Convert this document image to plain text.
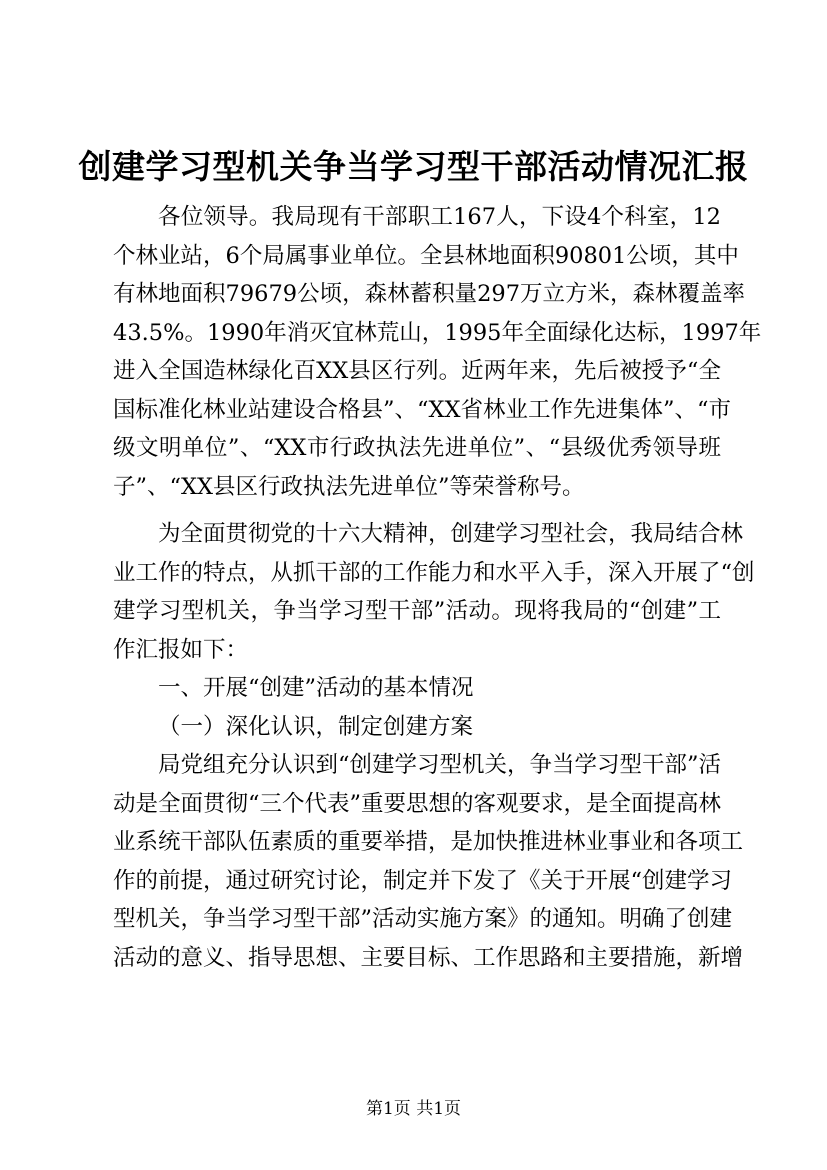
创建学习型机关争当学习型干部活动情况汇报
各位领导。我局现有干部职工167人，下设4个科室，12
个林业站，6个局属事业单位。全县林地面积90801公顷，其中
有林地面积79679公顷，森林蓄积量297万立方米，森林覆盖率
43.5%。1990年消灭宜林荒山，1995年全面绿化达标，1997年
进入全国造林绿化百XX县区行列。近两年来，先后被授予“全
国标准化林业站建设合格县”、“XX省林业工作先进集体”、“市
级文明单位”、“XX市行政执法先进单位”、“县级优秀领导班
子”、“XX县区行政执法先进单位”等荣誉称号。
为全面贯彻党的十六大精神，创建学习型社会，我局结合林
业工作的特点，从抓干部的工作能力和水平入手，深入开展了“创
建学习型机关，争当学习型干部”活动。现将我局的“创建”工
作汇报如下：
一、开展“创建”活动的基本情况
（一）深化认识，制定创建方案
局党组充分认识到“创建学习型机关，争当学习型干部”活
动是全面贯彻“三个代表”重要思想的客观要求，是全面提高林
业系统干部队伍素质的重要举措，是加快推进林业事业和各项工
作的前提，通过研究讨论，制定并下发了《关于开展“创建学习
型机关，争当学习型干部”活动实施方案》的通知。明确了创建
活动的意义、指导思想、主要目标、工作思路和主要措施，新增
第1页 共1页
